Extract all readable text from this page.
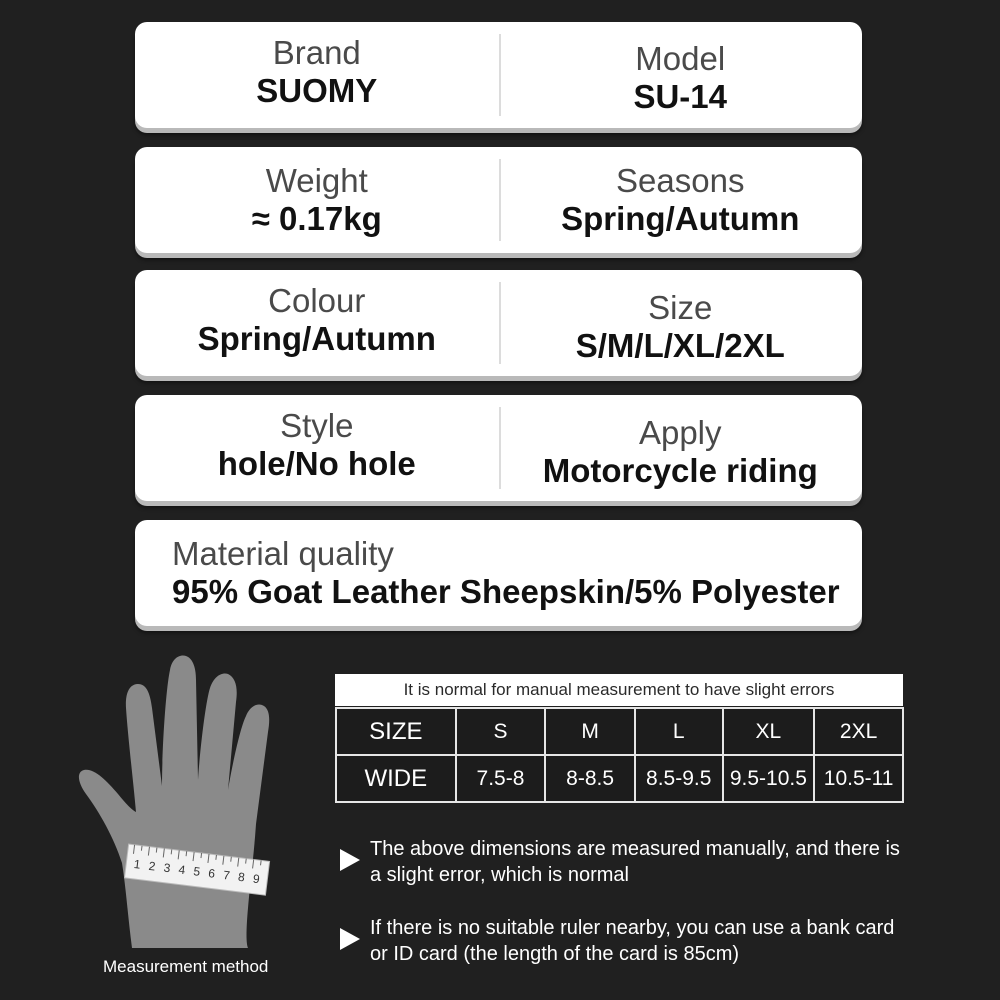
Brand
SUOMY
Model
SU-14
Weight
≈ 0.17kg
Seasons
Spring/Autumn
Colour
Spring/Autumn
Size
S/M/L/XL/2XL
Style
hole/No hole
Apply
Motorcycle riding
Material quality
95% Goat Leather Sheepskin/5% Polyester
1 2 3 4 5 6 7 8 9
Measurement method
It is normal for manual measurement to have slight errors
SIZE	S	M	L	XL	2XL
WIDE	7.5-8	8-8.5	8.5-9.5	9.5-10.5	10.5-11
The above dimensions are measured manually, and there is a slight error, which is normal
If there is no suitable ruler nearby, you can use a bank card or ID card (the length of the card is 85cm)
